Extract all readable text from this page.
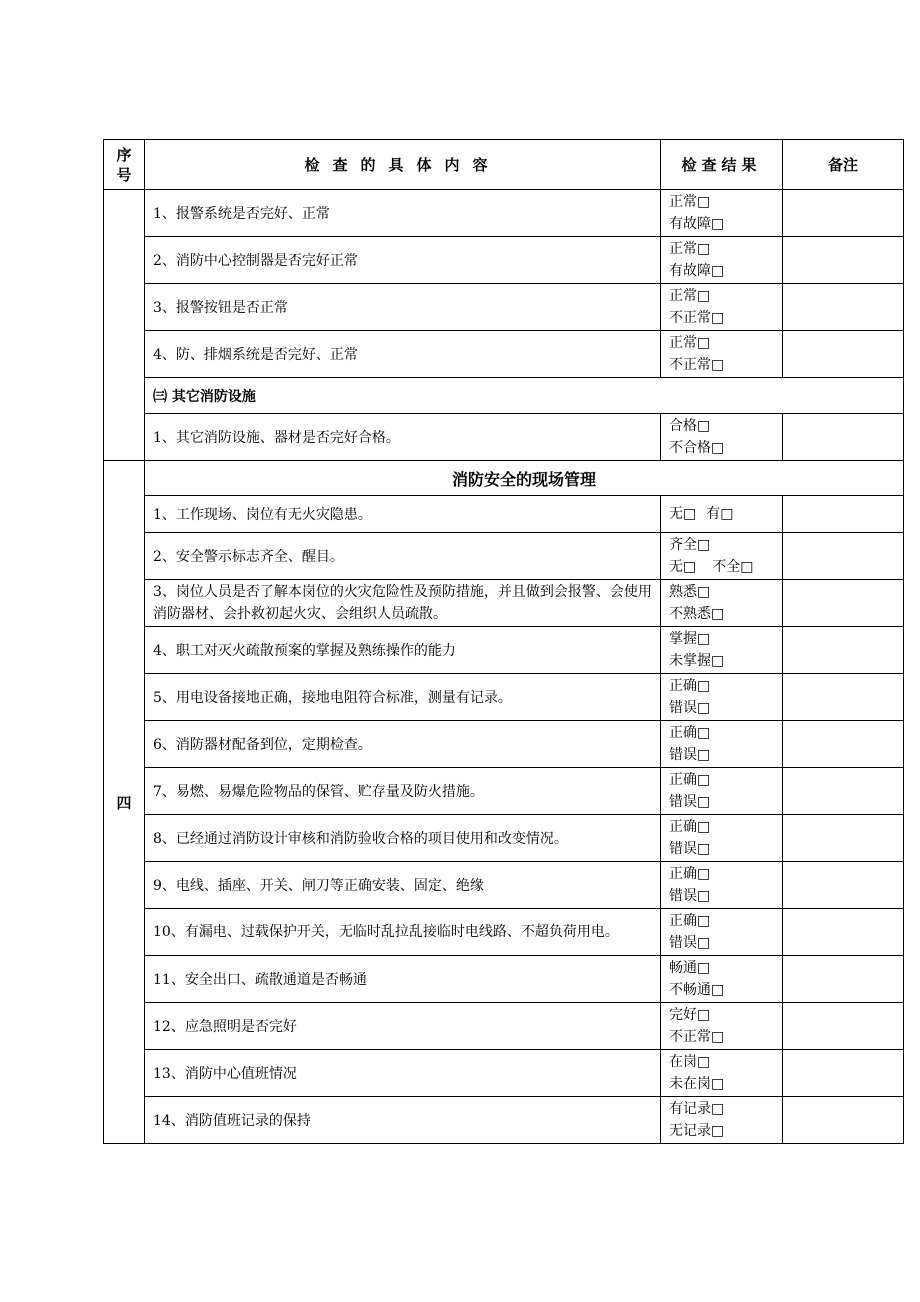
序
号	检查的具体内容	检查结果	备注
	1、报警系统是否完好、正常	正常□
有故障□	

	2、消防中心控制器是否完好正常	正常□
有故障□	

	3、报警按钮是否正常	正常□
不正常□	

	4、防、排烟系统是否完好、正常	正常□
不正常□	

	㈢ 其它消防设施		
	1、其它消防设施、器材是否完好合格。	合格□
不合格□	

四	消防安全的现场管理		
	1、工作现场、岗位有无火灾隐患。	无□ 有□	
	2、安全警示标志齐全、醒目。	齐全□
无□ 不全□	

	3、岗位人员是否了解本岗位的火灾危险性及预防措施，并且做到会报警、会使用消防器材、会扑救初起火灾、会组织人员疏散。	熟悉□
不熟悉□	

	4、职工对灭火疏散预案的掌握及熟练操作的能力	掌握□
未掌握□	

	5、用电设备接地正确，接地电阻符合标准，测量有记录。	正确□
错误□	

	6、消防器材配备到位，定期检查。	正确□
错误□	

	7、易燃、易爆危险物品的保管、贮存量及防火措施。	正确□
错误□	

	8、已经通过消防设计审核和消防验收合格的项目使用和改变情况。	正确□
错误□	

	9、电线、插座、开关、闸刀等正确安装、固定、绝缘	正确□
错误□	

	10、有漏电、过载保护开关，无临时乱拉乱接临时电线路、不超负荷用电。	正确□
错误□	

	11、安全出口、疏散通道是否畅通	畅通□
不畅通□	

	12、应急照明是否完好	完好□
不正常□	

	13、消防中心值班情况	在岗□
未在岗□	

	14、消防值班记录的保持	有记录□
无记录□	
